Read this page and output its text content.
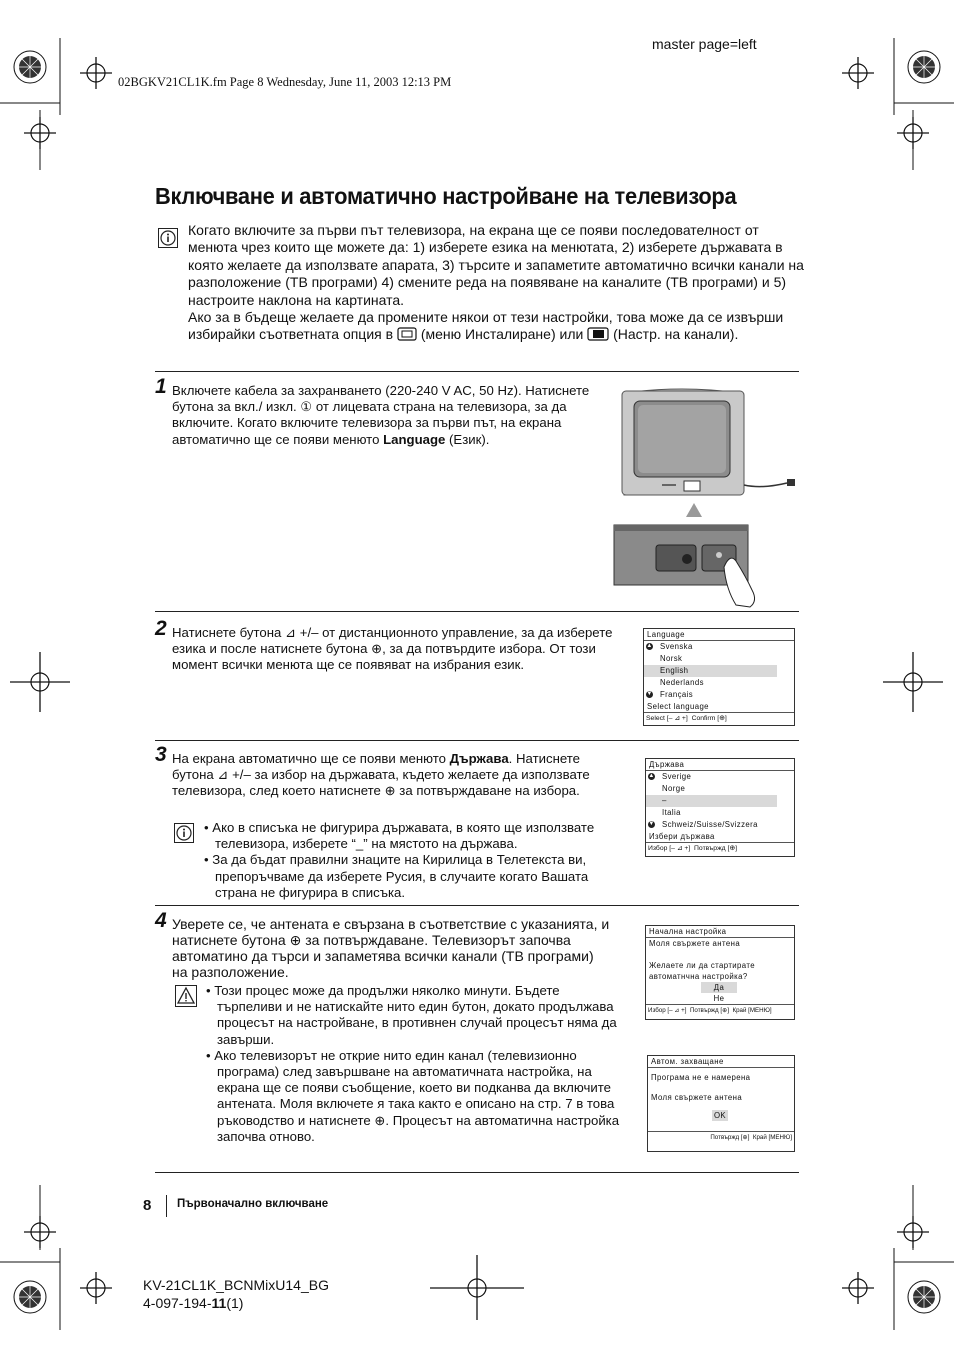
master page=left
02BGKV21CL1K.fm Page 8 Wednesday, June 11, 2003 12:13 PM
Включване и автоматично настройване на телевизора
Когато включите за първи път телевизора, на екрана ще се появи последователност от менюта чрез които ще можете да: 1) изберете езика на менютата, 2) изберете държавата в която желаете да използвате апарата, 3) търсите и запаметите автоматично всички канали на разположение (ТВ програми) 4) смените реда на появяване на каналите (ТВ програми) и 5) настроите наклона на картината.
Ако за в бъдеще желаете да промените някои от тези настройки, това може да се извърши избирайки съответната опция в (меню Инсталиране) или (Настр. на канали).
1 Включете кабела за захранването (220-240 V AC, 50 Hz). Натиснете бутона за вкл./ изкл. ① от лицевата страна на телевизора, за да включите. Когато включите телевизора за първи път, на екрана автоматично ще се появи менюто Language (Език).
2 Натиснете бутона ⊿ +/– от дистанционното управление, за да изберете езика и после натиснете бутона ⊕, за да потвърдите избора. От този момент всички менюта ще се появяват на избрания език.
Language
▲ Svenska
Norsk
English
Nederlands
▼ Français
Select language
Select [– ⊿ +] Confirm [⊕]
3 На екрана автоматично ще се появи менюто Държава. Натиснете бутона ⊿ +/– за избор на държавата, където желаете да използвате телевизора, след което натиснете ⊕ за потвърждаване на избора.

• Ако в списъка не фигурира държавата, в която ще използвате телевизора, изберете “_” на мястото на държава.

• За да бъдат правилни знаците на Кирилица в Телетекста ви, препоръчваме да изберете Русия, в случаите когато Вашата страна не фигурира в списъка.

Държава
▲ Sverige
Norge
–
Italia
▼ Schweiz/Suisse/Svizzera
Избери държава
Избор [– ⊿ +] Потвържд [⊕]
4 Уверете се, че антената е свързана в съответствие с указанията, и натиснете бутона ⊕ за потвърждаване. Телевизорът започва автоматино да търси и запаметява всички канали (ТВ програми) на разположение.

• Този процес може да продължи няколко минути. Бъдете търпеливи и не натискайте нито един бутон, докато продължава процесът на настройване, в противнен случай процесът няма да завърши.

• Ако телевизорът не открие нито един канал (телевизионно програма) след завършване на автоматичната настройка, на екрана ще се появи съобщение, което ви подканва да включите антената. Моля включете я така както е описано на стр. 7 в това ръководство и натиснете ⊕. Процесът на автоматична настройка започва отново.

Начална настройка
Моля свържете антена
Желаете ли да стартирате
автоматнчна настройка?
Да
Не
Избор [– ⊿ +] Потвържд [⊕] Край [МЕНЮ]
Автом. захващане
Програма не е намерена
Моля свържете антена
OK
Потвържд [⊕] Край [МЕНЮ]
8 Първоначално включване
KV-21CL1K_BCNMixU14_BG
4-097-194-11(1)
